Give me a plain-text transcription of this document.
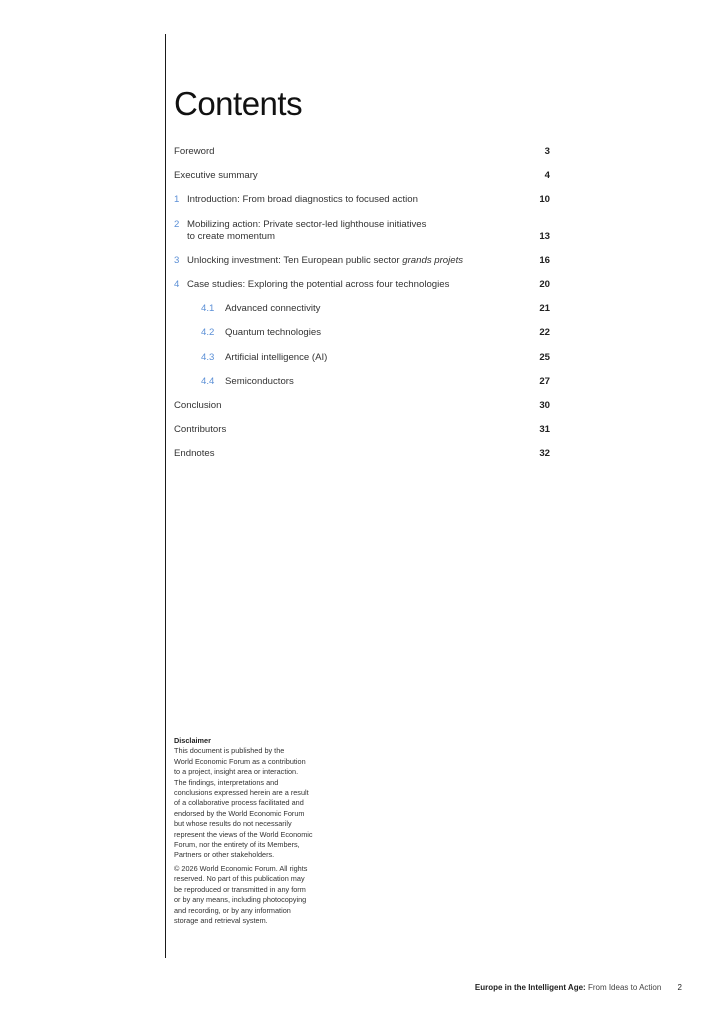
Contents
Foreword	3
Executive summary	4
1 Introduction: From broad diagnostics to focused action	10
2 Mobilizing action: Private sector-led lighthouse initiatives
to create momentum	13
3 Unlocking investment: Ten European public sector grands projets	16
4 Case studies: Exploring the potential across four technologies	20
4.1 Advanced connectivity	21
4.2 Quantum technologies	22
4.3 Artificial intelligence (AI)	25
4.4 Semiconductors	27
Conclusion	30
Contributors	31
Endnotes	32
Disclaimer

This document is published by the
World Economic Forum as a contribution
to a project, insight area or interaction.
The findings, interpretations and
conclusions expressed herein are a result
of a collaborative process facilitated and
endorsed by the World Economic Forum
but whose results do not necessarily
represent the views of the World Economic
Forum, nor the entirety of its Members,
Partners or other stakeholders.

© 2026 World Economic Forum. All rights
reserved. No part of this publication may
be reproduced or transmitted in any form
or by any means, including photocopying
and recording, or by any information
storage and retrieval system.

Europe in the Intelligent Age: From Ideas to Action 2
